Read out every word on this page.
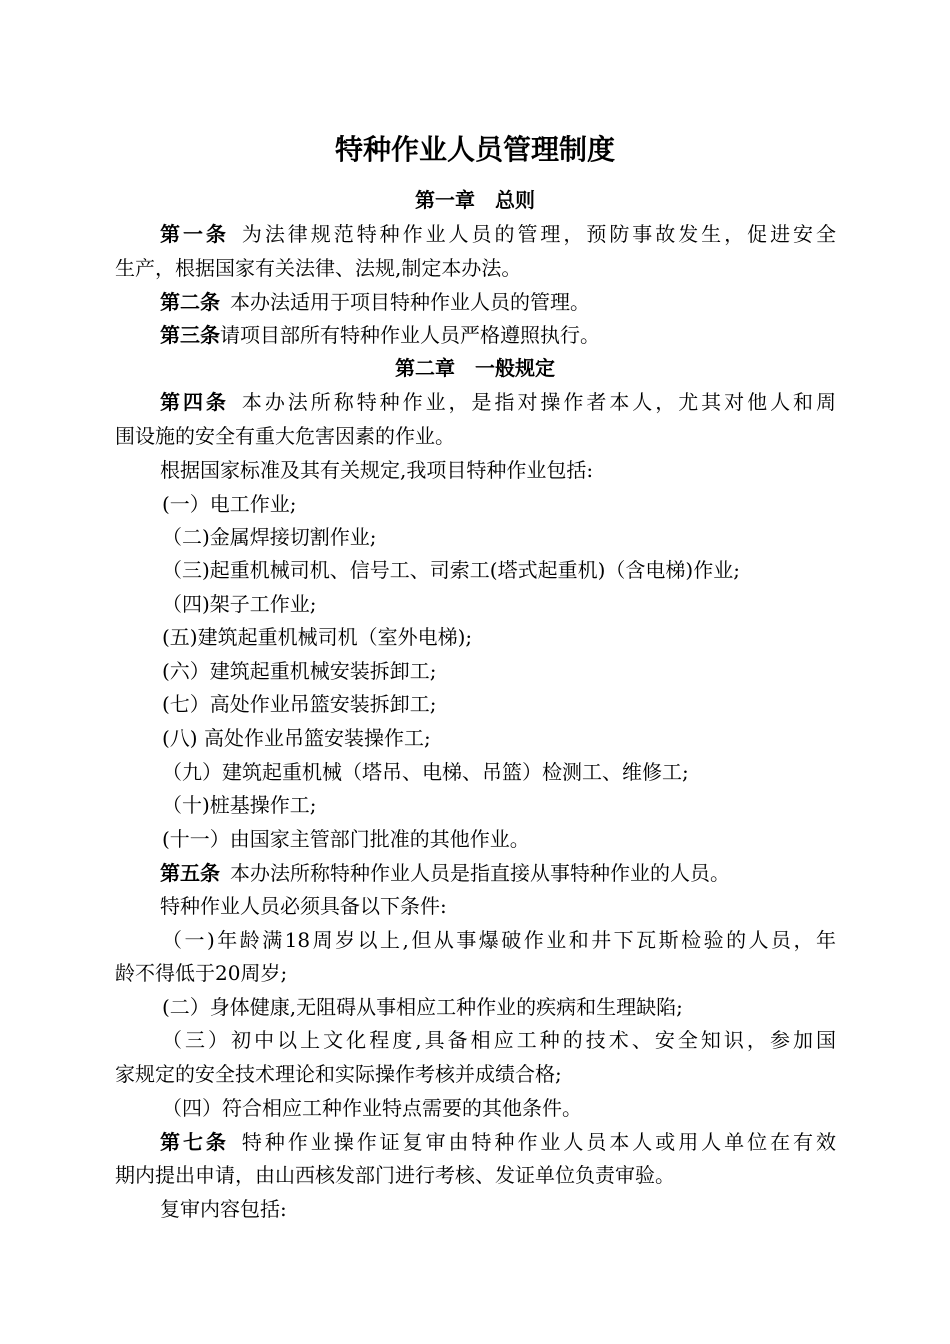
特种作业人员管理制度
第一章　总则
第一条  为法律规范特种作业人员的管理，预防事故发生，促进安全
生产，根据国家有关法律、法规,制定本办法。
第二条  本办法适用于项目特种作业人员的管理。
第三条请项目部所有特种作业人员严格遵照执行。
第二章　一般规定
第四条  本办法所称特种作业，是指对操作者本人，尤其对他人和周
围设施的安全有重大危害因素的作业。
根据国家标准及其有关规定,我项目特种作业包括:
(一）电工作业;
（二)金属焊接切割作业;
（三)起重机械司机、信号工、司索工(塔式起重机)（含电梯)作业;
（四)架子工作业;
(五)建筑起重机械司机（室外电梯);
(六）建筑起重机械安装拆卸工;
(七）高处作业吊篮安装拆卸工;
(八) 高处作业吊篮安装操作工;
（九）建筑起重机械（塔吊、电梯、吊篮）检测工、维修工;
（十)桩基操作工;
(十一）由国家主管部门批准的其他作业。
第五条  本办法所称特种作业人员是指直接从事特种作业的人员。
特种作业人员必须具备以下条件:
（一)年龄满18周岁以上,但从事爆破作业和井下瓦斯检验的人员，年
龄不得低于20周岁;
(二）身体健康,无阻碍从事相应工种作业的疾病和生理缺陷;
（三）初中以上文化程度,具备相应工种的技术、安全知识，参加国
家规定的安全技术理论和实际操作考核并成绩合格;
（四）符合相应工种作业特点需要的其他条件。
第七条  特种作业操作证复审由特种作业人员本人或用人单位在有效
期内提出申请，由山西核发部门进行考核、发证单位负责审验。
复审内容包括:
